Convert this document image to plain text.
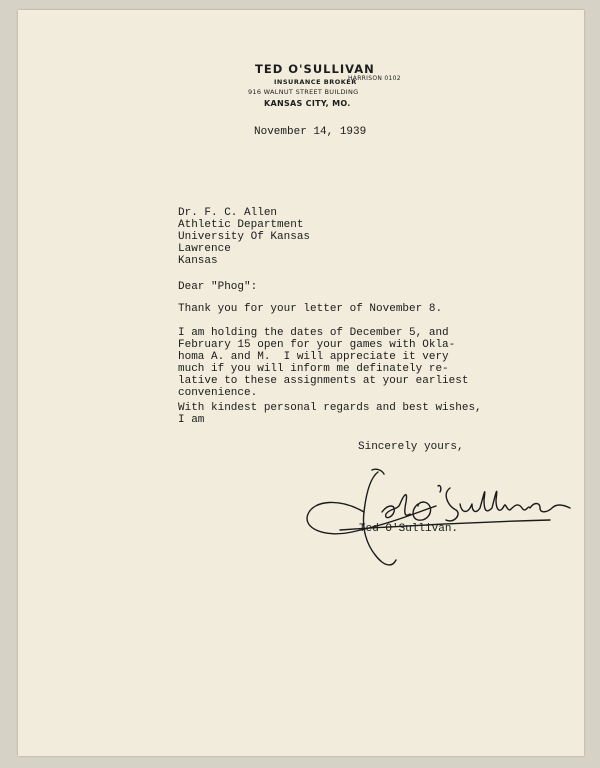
TED O'SULLIVAN
INSURANCE BROKER
916 WALNUT STREET BUILDING
KANSAS CITY, MO.
HARRISON 0102
November 14, 1939
Dr. F. C. Allen
Athletic Department
University Of Kansas
Lawrence
Kansas
Dear "Phog":
Thank you for your letter of November 8.
I am holding the dates of December 5, and
February 15 open for your games with Okla-
homa A. and M.  I will appreciate it very
much if you will inform me definately re-
lative to these assignments at your earliest
convenience.
With kindest personal regards and best wishes,
I am
Sincerely yours,
Ted O'Sullivan.
